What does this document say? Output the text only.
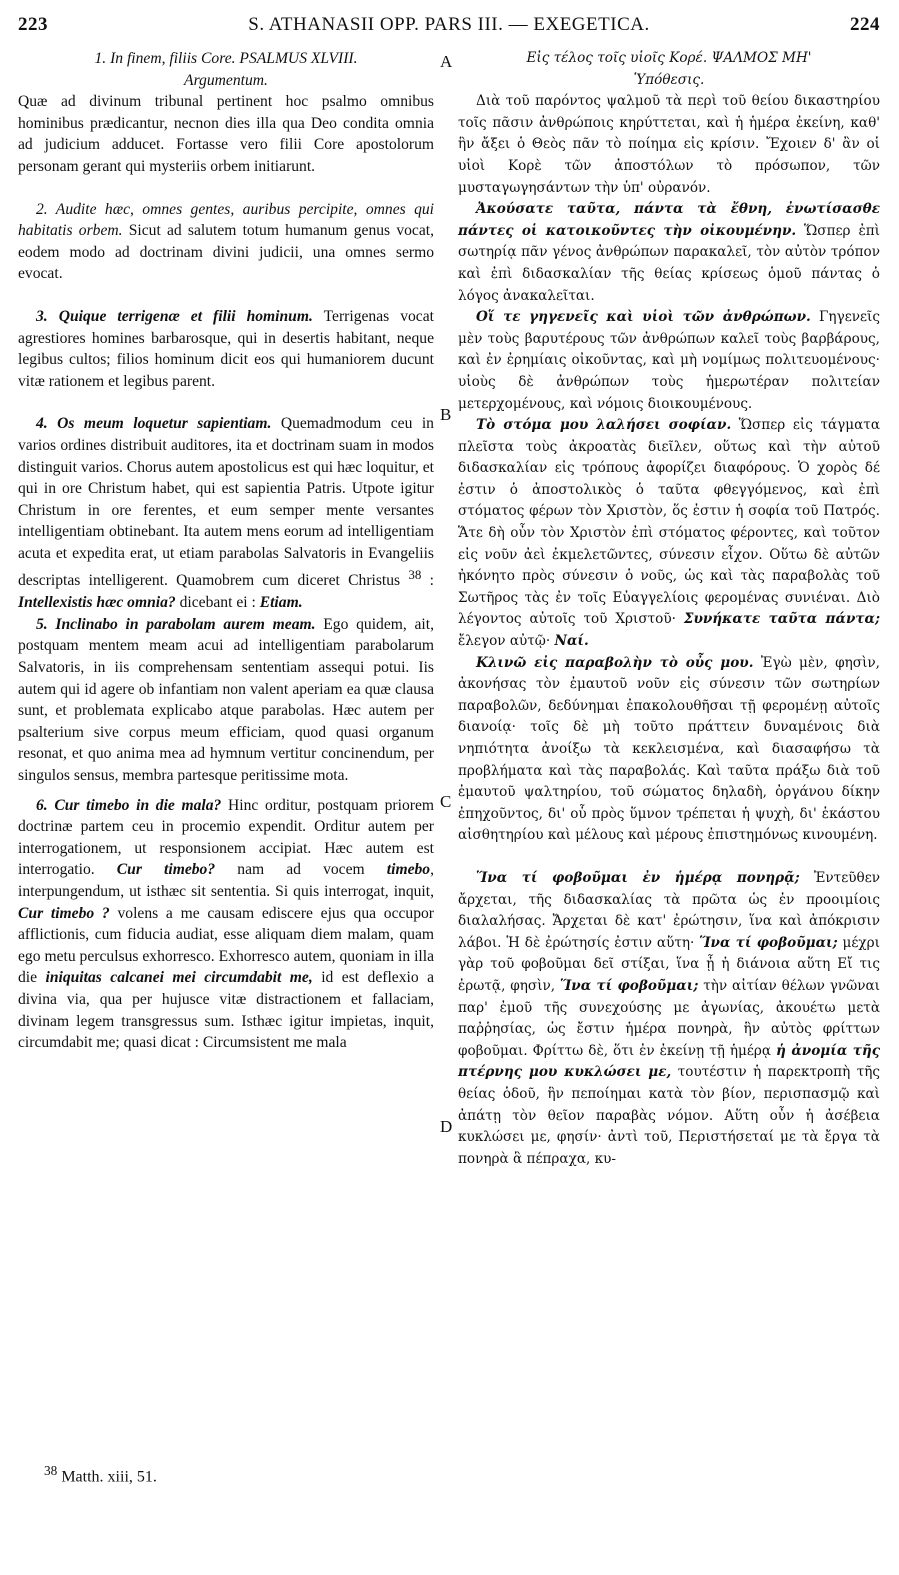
223	S. ATHANASII OPP. PARS III. — EXEGETICA.	224
A
B
C
D

1. In finem, filiis Core. PSALMUS XLVIII.

Argumentum.

Quæ ad divinum tribunal pertinent hoc psalmo omnibus hominibus prædicantur, necnon dies illa qua Deo condita omnia ad judicium adducet. Fortasse vero filii Core apostolorum personam gerant qui mysteriis orbem initiarunt.

2. Audite hæc, omnes gentes, auribus percipite, omnes qui habitatis orbem. Sicut ad salutem totum humanum genus vocat, eodem modo ad doctrinam divini judicii, una omnes sermo evocat.

3. Quique terrigenæ et filii hominum. Terrigenas vocat agrestiores homines barbarosque, qui in desertis habitant, neque legibus cultos; filios hominum dicit eos qui humaniorem ducunt vitæ rationem et legibus parent.

4. Os meum loquetur sapientiam. Quemadmodum ceu in varios ordines distribuit auditores, ita et doctrinam suam in modos distinguit varios. Chorus autem apostolicus est qui hæc loquitur, et qui in ore Christum habet, qui est sapientia Patris. Utpote igitur Christum in ore ferentes, et eum semper mente versantes intelligentiam obtinebant. Ita autem mens eorum ad intelligentiam acuta et expedita erat, ut etiam parabolas Salvatoris in Evangeliis descriptas intelligerent. Quamobrem cum diceret Christus $^{38}$ : Intellexistis hæc omnia? dicebant ei : Etiam.

5. Inclinabo in parabolam aurem meam. Ego quidem, ait, postquam mentem meam acui ad intelligentiam parabolarum Salvatoris, in iis comprehensam sententiam assequi potui. Iis autem qui id agere ob infantiam non valent aperiam ea quæ clausa sunt, et problemata explicabo atque parabolas. Hæc autem per psalterium sive corpus meum efficiam, quod quasi organum resonat, et quo anima mea ad hymnum vertitur concinendum, per singulos sensus, membra partesque peritissime mota.

6. Cur timebo in die mala? Hinc orditur, postquam priorem doctrinæ partem ceu in procemio expendit. Orditur autem per interrogationem, ut responsionem accipiat. Hæc autem est interrogatio. Cur timebo? nam ad vocem timebo, interpungendum, ut isthæc sit sententia. Si quis interrogat, inquit, Cur timebo ? volens a me causam ediscere ejus qua occupor afflictionis, cum fiducia audiat, esse aliquam diem malam, quam ego metu perculsus exhorresco. Exhorresco autem, quoniam in illa die iniquitas calcanei mei circumdabit me, id est deflexio a divina via, qua per hujusce vitæ distractionem et fallaciam, divinam legem transgressus sum. Isthæc igitur impietas, inquit, circumdabit me; quasi dicat : Circumsistent me mala

Εἰς τέλος τοῖς υἱοῖς Κορέ. ΨΑΛΜΟΣ ΜΗ'

Ὑπόθεσις.

Διὰ τοῦ παρόντος ψαλμοῦ τὰ περὶ τοῦ θείου δικαστηρίου τοῖς πᾶσιν ἀνθρώποις κηρύττεται, καὶ ἡ ἡμέρα ἐκείνη, καθ' ἣν ἄξει ὁ Θεὸς πᾶν τὸ ποίημα εἰς κρίσιν. Ἔχοιεν δ' ἂν οἱ υἱοὶ Κορὲ τῶν ἀποστόλων τὸ πρόσωπον, τῶν μυσταγωγησάντων τὴν ὑπ' οὐρανόν.

Ἀκούσατε ταῦτα, πάντα τὰ ἔθνη, ἐνωτίσασθε πάντες οἱ κατοικοῦντες τὴν οἰκουμένην. Ὥσπερ ἐπὶ σωτηρίᾳ πᾶν γένος ἀνθρώπων παρακαλεῖ, τὸν αὐτὸν τρόπον καὶ ἐπὶ διδασκαλίαν τῆς θείας κρίσεως ὁμοῦ πάντας ὁ λόγος ἀνακαλεῖται.

Οἵ τε γηγενεῖς καὶ υἱοὶ τῶν ἀνθρώπων. Γηγενεῖς μὲν τοὺς βαρυτέρους τῶν ἀνθρώπων καλεῖ τοὺς βαρβάρους, καὶ ἐν ἐρημίαις οἰκοῦντας, καὶ μὴ νομίμως πολιτευομένους· υἱοὺς δὲ ἀνθρώπων τοὺς ἡμερωτέραν πολιτείαν μετερχομένους, καὶ νόμοις διοικουμένους.

Τὸ στόμα μου λαλήσει σοφίαν. Ὥσπερ εἰς τάγματα πλεῖστα τοὺς ἀκροατὰς διεῖλεν, οὕτως καὶ τὴν αὐτοῦ διδασκαλίαν εἰς τρόπους ἀφορίζει διαφόρους. Ὁ χορὸς δέ ἐστιν ὁ ἀποστολικὸς ὁ ταῦτα φθεγγόμενος, καὶ ἐπὶ στόματος φέρων τὸν Χριστὸν, ὅς ἐστιν ἡ σοφία τοῦ Πατρός. Ἅτε δὴ οὖν τὸν Χριστὸν ἐπὶ στόματος φέροντες, καὶ τοῦτον εἰς νοῦν ἀεὶ ἐκμελετῶντες, σύνεσιν εἶχον. Οὕτω δὲ αὐτῶν ἠκόνητο πρὸς σύνεσιν ὁ νοῦς, ὡς καὶ τὰς παραβολὰς τοῦ Σωτῆρος τὰς ἐν τοῖς Εὐαγγελίοις φερομένας συνιέναι. Διὸ λέγοντος αὐτοῖς τοῦ Χριστοῦ· Συνήκατε ταῦτα πάντα; ἔλεγον αὐτῷ· Ναί.

Κλινῶ εἰς παραβολὴν τὸ οὖς μου. Ἐγὼ μὲν, φησὶν, ἀκονήσας τὸν ἐμαυτοῦ νοῦν εἰς σύνεσιν τῶν σωτηρίων παραβολῶν, δεδύνημαι ἐπακολουθῆσαι τῇ φερομένῃ αὐτοῖς διανοίᾳ· τοῖς δὲ μὴ τοῦτο πράττειν δυναμένοις διὰ νηπιότητα ἀνοίξω τὰ κεκλεισμένα, καὶ διασαφήσω τὰ προβλήματα καὶ τὰς παραβολάς. Καὶ ταῦτα πράξω διὰ τοῦ ἐμαυτοῦ ψαλτηρίου, τοῦ σώματος δηλαδὴ, ὀργάνου δίκην ἐπηχοῦντος, δι' οὗ πρὸς ὕμνον τρέπεται ἡ ψυχὴ, δι' ἑκάστου αἰσθητηρίου καὶ μέλους καὶ μέρους ἐπιστημόνως κινουμένη.

Ἵνα τί φοβοῦμαι ἐν ἡμέρᾳ πονηρᾷ; Ἐντεῦθεν ἄρχεται, τῆς διδασκαλίας τὰ πρῶτα ὡς ἐν προοιμίοις διαλαλήσας. Ἄρχεται δὲ κατ' ἐρώτησιν, ἵνα καὶ ἀπόκρισιν λάβοι. Ἡ δὲ ἐρώτησίς ἐστιν αὕτη· Ἵνα τί φοβοῦμαι; μέχρι γὰρ τοῦ φοβοῦμαι δεῖ στίξαι, ἵνα ᾖ ἡ διάνοια αὕτη Εἴ τις ἐρωτᾷ, φησὶν, Ἵνα τί φοβοῦμαι; τὴν αἰτίαν θέλων γνῶναι παρ' ἐμοῦ τῆς συνεχούσης με ἀγωνίας, ἀκουέτω μετὰ παῤῥησίας, ὡς ἔστιν ἡμέρα πονηρὰ, ἣν αὐτὸς φρίττων φοβοῦμαι. Φρίττω δὲ, ὅτι ἐν ἐκείνῃ τῇ ἡμέρᾳ ἡ ἀνομία τῆς πτέρνης μου κυκλώσει με, τουτέστιν ἡ παρεκτροπὴ τῆς θείας ὁδοῦ, ἣν πεποίημαι κατὰ τὸν βίον, περισπασμῷ καὶ ἀπάτῃ τὸν θεῖον παραβὰς νόμον. Αὕτη οὖν ἡ ἀσέβεια κυκλώσει με, φησίν· ἀντὶ τοῦ, Περιστήσεταί με τὰ ἔργα τὰ πονηρὰ ἃ πέπραχα, κυ-

$^{38}$ Matth. xiii, 51.
